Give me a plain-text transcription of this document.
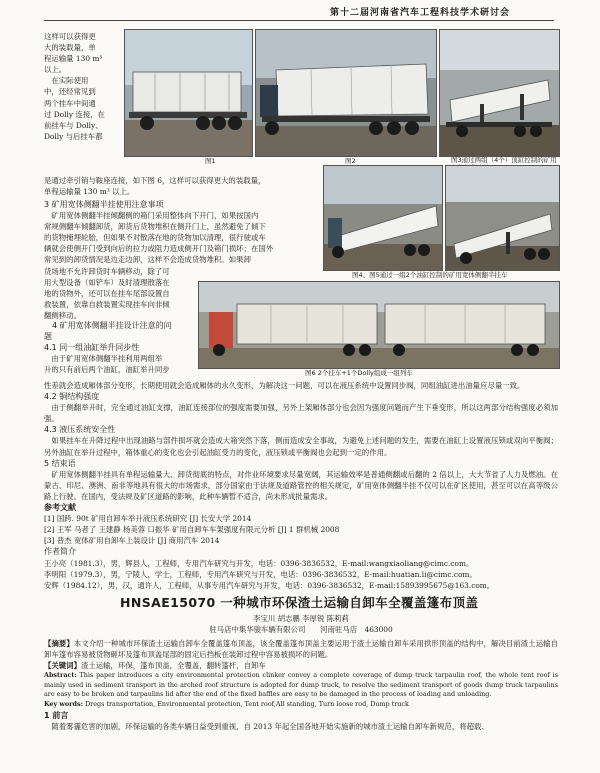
第十二届河南省汽车工程科技学术研讨会
这样可以获得更
大的装载量，单
程运输量 130 m³
以上。
　在实际使用
中，还经常见到
两个挂车中间通
过 Dolly 连接，在
前挂车与 Dolly、
Dolly 与后挂车都
图1	图2	图3通过两组（4个）顶缸控制的矿用
是通过牵引销与鞍座连接，如下图 6，这样可以获得更大的装载量，
单程运输量 130 m³ 以上。
3 矿用宽体侧翻半挂使用注意事项
　矿用宽体侧翻半挂倾翻侧的箱门采用整体向下开门，如果按国内
常规侧翻车倾翻卸货，卸货后货物堆积在侧开门上，虽然避免了倾下
的货物掩埋轮胎，但如果不对散落在地的货物加以清理，很行驶或车
辆就会使侧开门受到向后的拉力或阻力造成侧开门及箱门损坏；在国外
常见到的卸货情况是边走边卸，这样不会造成货物堆积。如果卸
货场地不允许卸货时车辆移动，除了可
用大型设备（如铲车）及时清理散落在
地的货物外，还可以在挂车尾部设置自
救装置，依靠自救装置实现挂车向非倾
翻侧移动。
图4、图5通过一组2个油缸控制的矿用宽体侧翻半挂车
　4 矿用宽体侧翻半挂设计注意的问
题
4.1 同一组油缸举升同步性
　由于矿用宽体侧翻半挂利用两组举
升的只有前后两个油缸，油缸举升同步	图6 2个挂车+1个Dolly组成一组列车
性差就会造成厢体部分变形，长期使用就会造成厢体的永久变形，为解决这一问题，可以在液压系统中设置同步阀，同组油缸进出油量应尽量一致。
4.2 铜结构强度
　由于侧翻举升时，完全通过油缸支撑，油缸连接部位的强度需要加强，另外上架厢体部分也会因为强度问题而产生下垂变形，所以这两部分结构强度必须加强。
4.3 液压系统安全性
　如果挂车在升降过程中出现油路与部件损坏就会造成大箱突然下落，侧而造成安全事故，为避免上述问题的发生，需要在油缸上设置液压锁或双向平衡阀；另外油缸在举升过程中，箱体重心的变化也会引起油缸受力的变化，液压锁或平衡阀也会起到一定的作用。
5 结束语
　矿用宽体侧翻半挂具有单程运输量大、卸货彻底的特点，对作业环境要求尽量宽阔，其运输效率是普通侧翻或后翻的 2 倍以上，大大节省了人力及燃油。在蒙古、印尼、澳洲、南非等地具有很大的市场需求，部分国家由于法规及道路管控的相关规定，矿用宽体侧翻半挂不仅可以在矿区使用，甚至可以在高等级公路上行驶。在国内，受法规及矿区道路的影响，此种车辆暂不适合，尚未形成批量需求。
参考文献
[1] 国跨. 90t 矿用自卸车举升液压系统研究 [J] 长安大学 2014
[2] 王军 马者了 王建静 杨美蓉 口振华 矿用自卸车车架强度有限元分析 [J] 1 群机械 2008
[3] 普杰 宽体矿用自卸车上装设计 [J] 商用汽车 2014
作者简介
王小亮（1981.3），男，辉县人，工程师，专用汽车研究与开发，电话：0396-3836532，E-mail:wangxiaoliang@cimc.com。
李明阳（1979.3），男，宁陵人，学士，工程师，专用汽车研究与开发，电话：0396-3836532，E-mail:huatian.li@cimc.com。
安辉（1984.12），男，汉，通许人，工程师，从事专用汽车研究与开发，电话：0396-3836532，E-mail:15893995675@163.com。
HNSAE15070 一种城市环保渣土运输自卸车全覆盖篷布顶盖
李宝川 胡志鹏 李厚锐 陈莉莉
驻马店中集华骏车辆有限公司　　河南驻马店　463000
【摘要】本文介绍一种城市环保渣土运输自卸车全覆盖篷布顶盖，该全覆盖篷布顶盖主要运用于渣土运输自卸车采用拱形顶盖的结构中，解决目前渣土运输自卸车篷布容易被货物砸坏及篷布顶盖尾部的固定后挡板在装卸过程中容易被损坏的问题。
【关键词】渣土运输，环保，篷布顶盖，全覆盖，翻转篷杆，自卸车
Abstract: This paper introduces a city environmental protection clinker convey a complete coverage of dump truck tarpaulin roof, the whole tent roof is mainly used in sediment transport in the arched roof structure is adopted for dump truck, to resolve the sediment transport of goods dump truck tarpaulins are easy to be broken and tarpaulins lid after the end of the fixed baffles are easy to be damaged in the process of loading and unloading.
Key words: Dregs transportation, Environmental protection, Tent roof,All standing, Turn loose rod, Dump truck
1 前言
　随着雾霾危害的加剧，环保运输的各类车辆日益受到重视，自 2013 年起全国各地开始实施新的城市渣土运输自卸车新规范，将超载、
